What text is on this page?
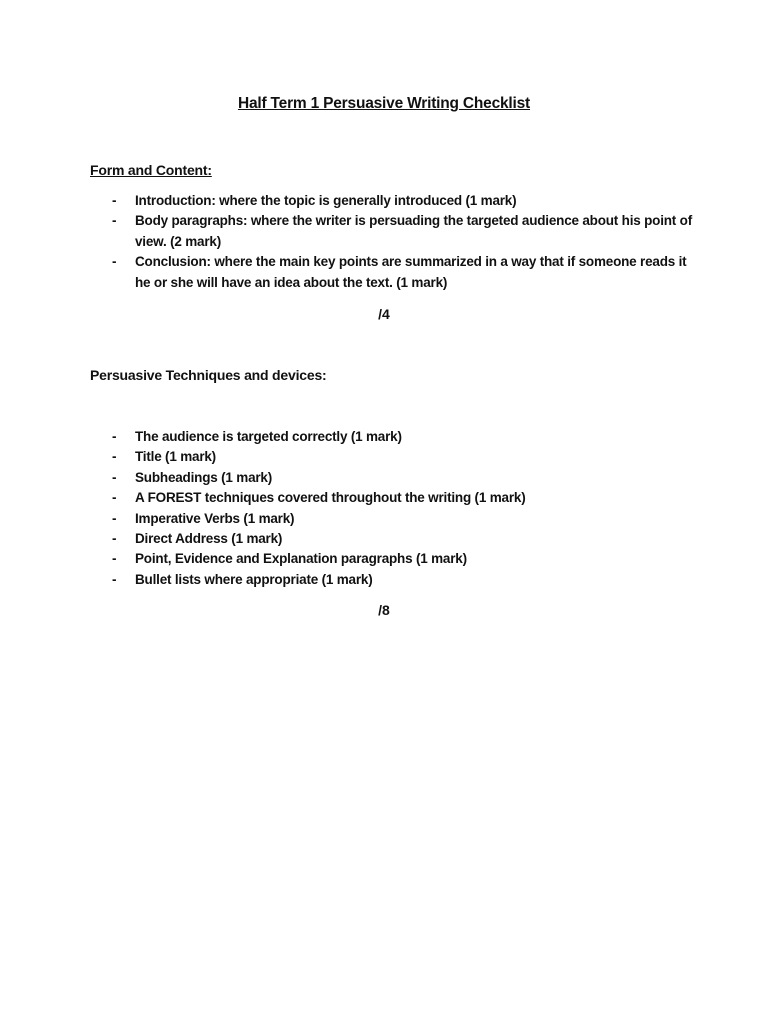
Half Term 1 Persuasive Writing Checklist
Form and Content:
- Introduction: where the topic is generally introduced (1 mark)
- Body paragraphs: where the writer is persuading the targeted audience about his point of view. (2 mark)
- Conclusion: where the main key points are summarized in a way that if someone reads it he or she will have an idea about the text. (1 mark)
/4
Persuasive Techniques and devices:
- The audience is targeted correctly (1 mark)
- Title (1 mark)
- Subheadings (1 mark)
- A FOREST techniques covered throughout the writing (1 mark)
- Imperative Verbs (1 mark)
- Direct Address (1 mark)
- Point, Evidence and Explanation paragraphs (1 mark)
- Bullet lists where appropriate (1 mark)
/8
